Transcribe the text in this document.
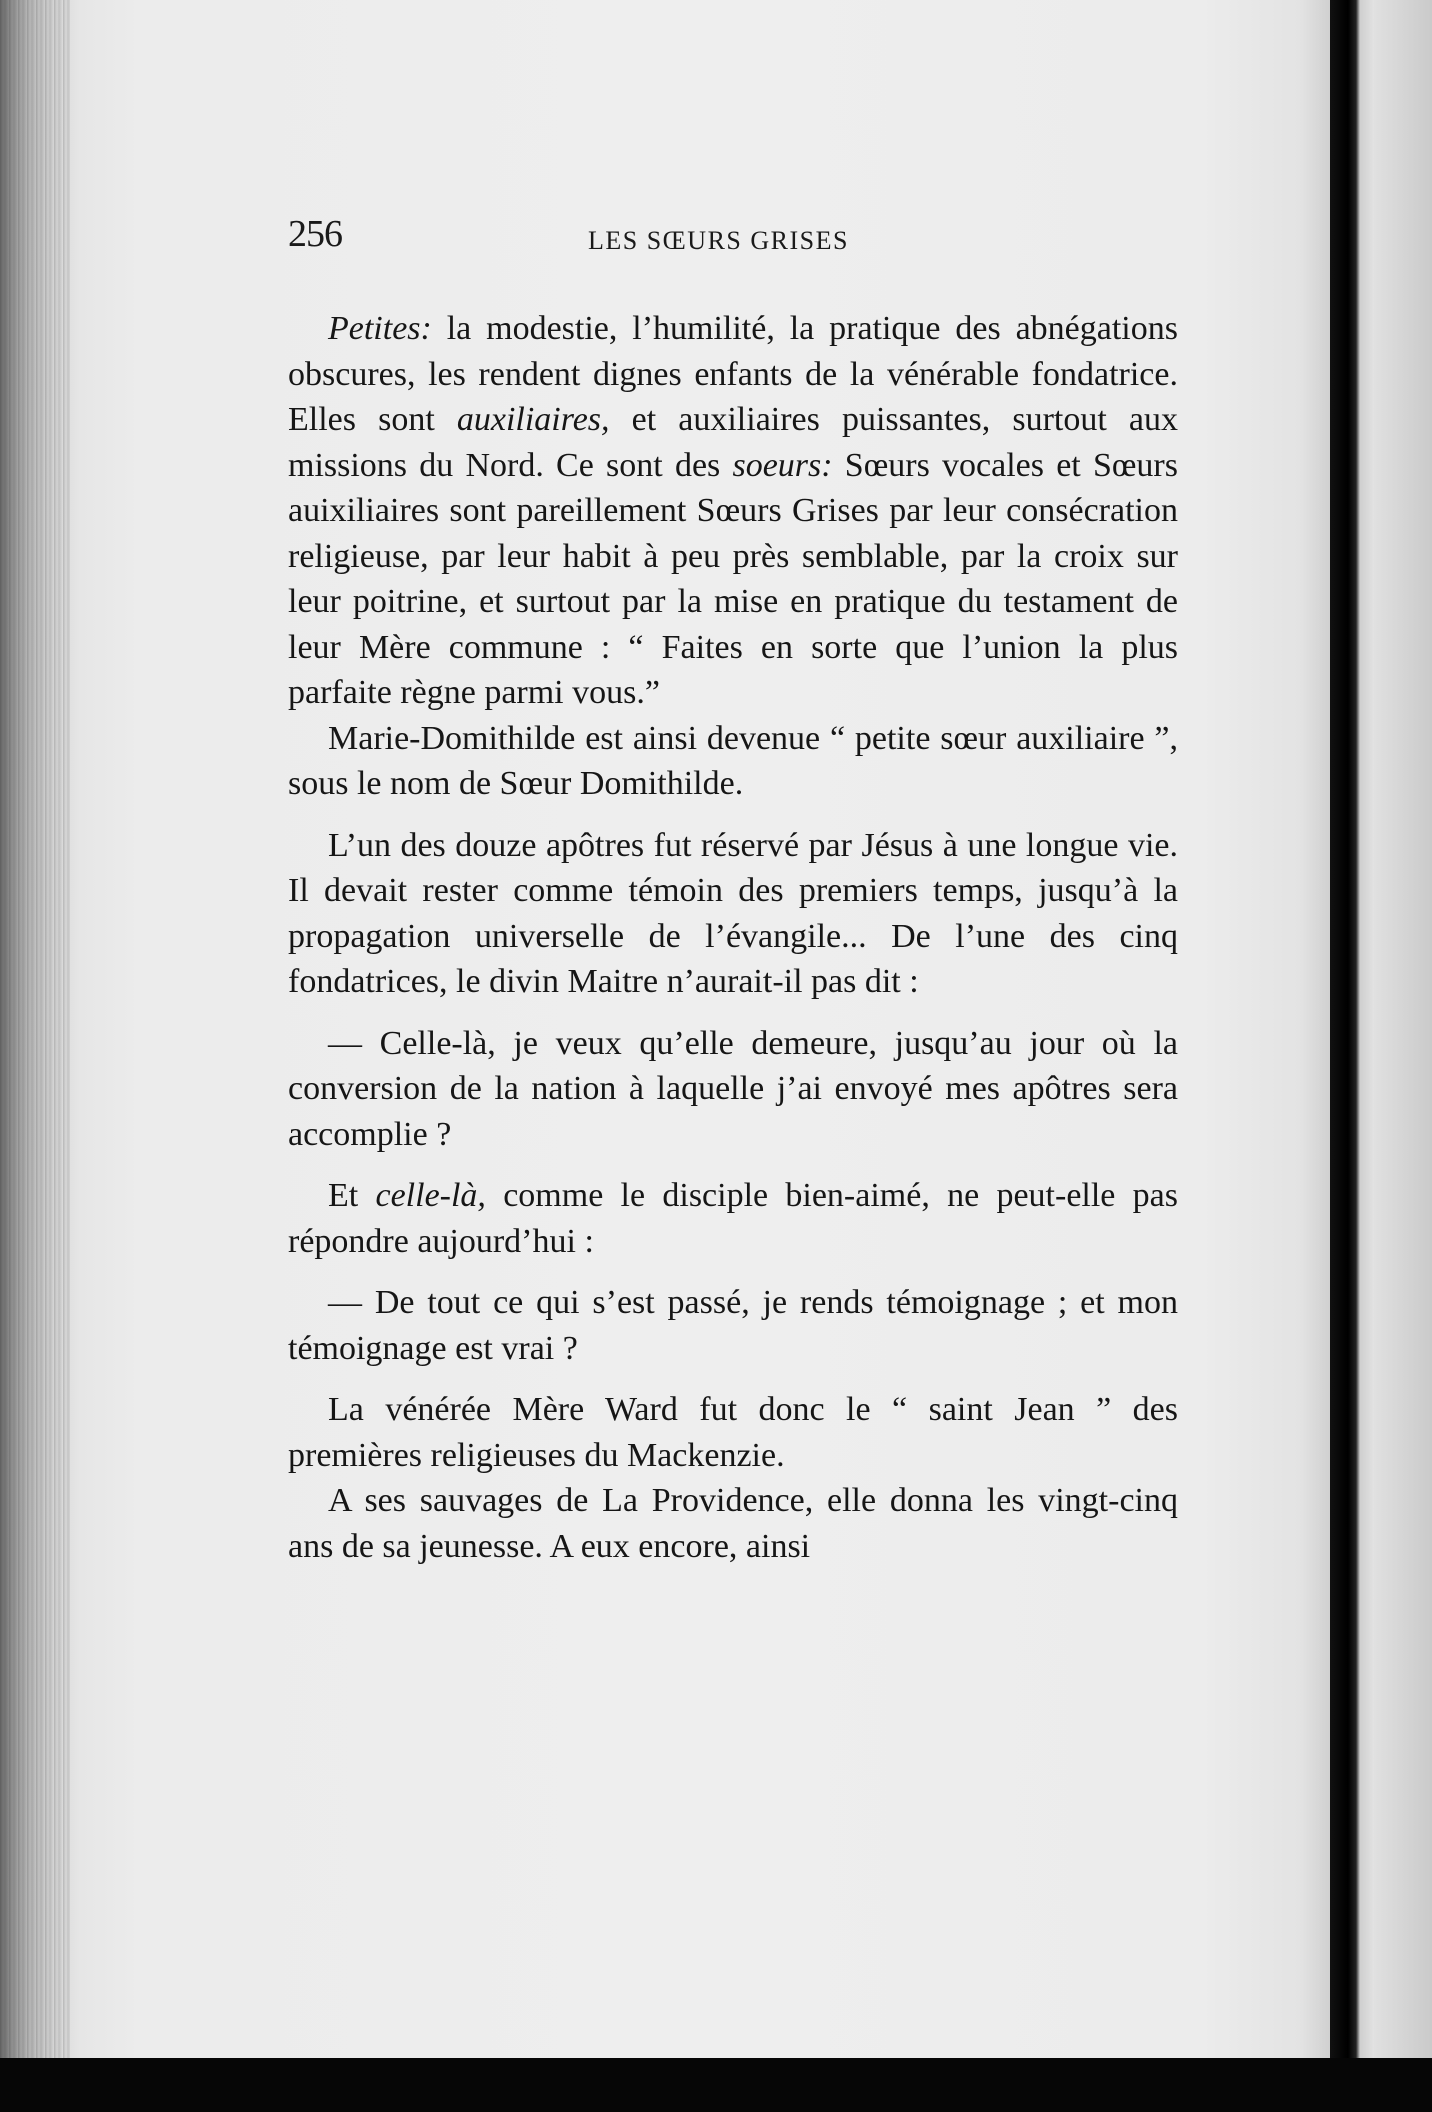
256	LES SŒURS GRISES

Petites: la modestie, l’humilité, la pratique des abnégations obscures, les rendent dignes enfants de la vénérable fondatrice. Elles sont auxiliaires, et auxiliaires puissantes, surtout aux missions du Nord. Ce sont des soeurs: Sœurs vocales et Sœurs auixiliaires sont pareillement Sœurs Grises par leur consécration religieuse, par leur habit à peu près semblable, par la croix sur leur poitrine, et surtout par la mise en pratique du testament de leur Mère commune : “ Faites en sorte que l’union la plus parfaite règne parmi vous.”

Marie-Domithilde est ainsi devenue “ petite sœur auxiliaire ”, sous le nom de Sœur Domithilde.

L’un des douze apôtres fut réservé par Jésus à une longue vie. Il devait rester comme témoin des premiers temps, jusqu’à la propagation universelle de l’évangile... De l’une des cinq fondatrices, le divin Maitre n’aurait-il pas dit :

— Celle-là, je veux qu’elle demeure, jusqu’au jour où la conversion de la nation à laquelle j’ai envoyé mes apôtres sera accomplie ?

Et celle-là, comme le disciple bien-aimé, ne peut-elle pas répondre aujourd’hui :

— De tout ce qui s’est passé, je rends témoignage ; et mon témoignage est vrai ?

La vénérée Mère Ward fut donc le “ saint Jean ” des premières religieuses du Mackenzie.

A ses sauvages de La Providence, elle donna les vingt-cinq ans de sa jeunesse. A eux encore, ainsi
